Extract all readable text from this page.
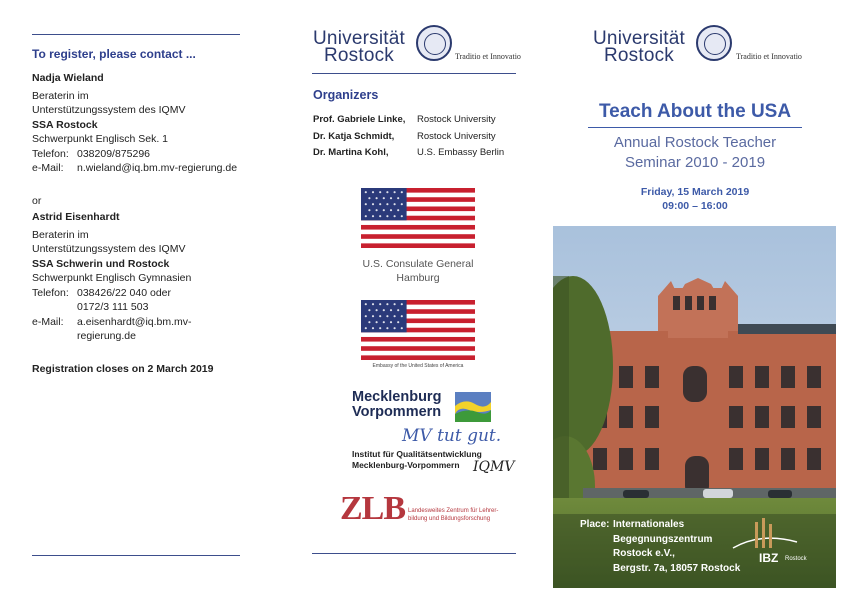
To register, please contact ...
Nadja Wieland
Beraterin im
Unterstützungssystem des IQMV
SSA Rostock
Schwerpunkt Englisch Sek. 1
Telefon: 038209/875296
e-Mail:	n.wieland@iq.bm.mv-regierung.de
or
Astrid Eisenhardt
Beraterin im
Unterstützungssystem des IQMV
SSA Schwerin und Rostock
Schwerpunkt Englisch Gymnasien
Telefon: 038426/22 040 oder
0172/3 111 503
e-Mail:	a.eisenhardt@iq.bm.mv-
regierung.de
Registration closes on 2 March 2019
Universität
Rostock	Traditio et Innovatio
Organizers
Prof. Gabriele Linke,	Rostock University
Dr. Katja Schmidt,	Rostock University
Dr. Martina Kohl,	U.S. Embassy Berlin
U.S. Consulate General
Hamburg
Embassy of the United States of America
Mecklenburg
Vorpommern
MV tut gut.
Institut für Qualitätsentwicklung
Mecklenburg-Vorpommern IQMV
ZLB Landesweites Zentrum für Lehrer-
bildung und Bildungsforschung
Universität
Rostock	Traditio et Innovatio
Teach About the USA
Annual Rostock Teacher
Seminar 2010 - 2019
Friday, 15 March 2019
09:00 – 16:00
Place: Internationales
Begegnungszentrum
Rostock e.V.,
Bergstr. 7a, 18057 Rostock
IBZ Rostock
